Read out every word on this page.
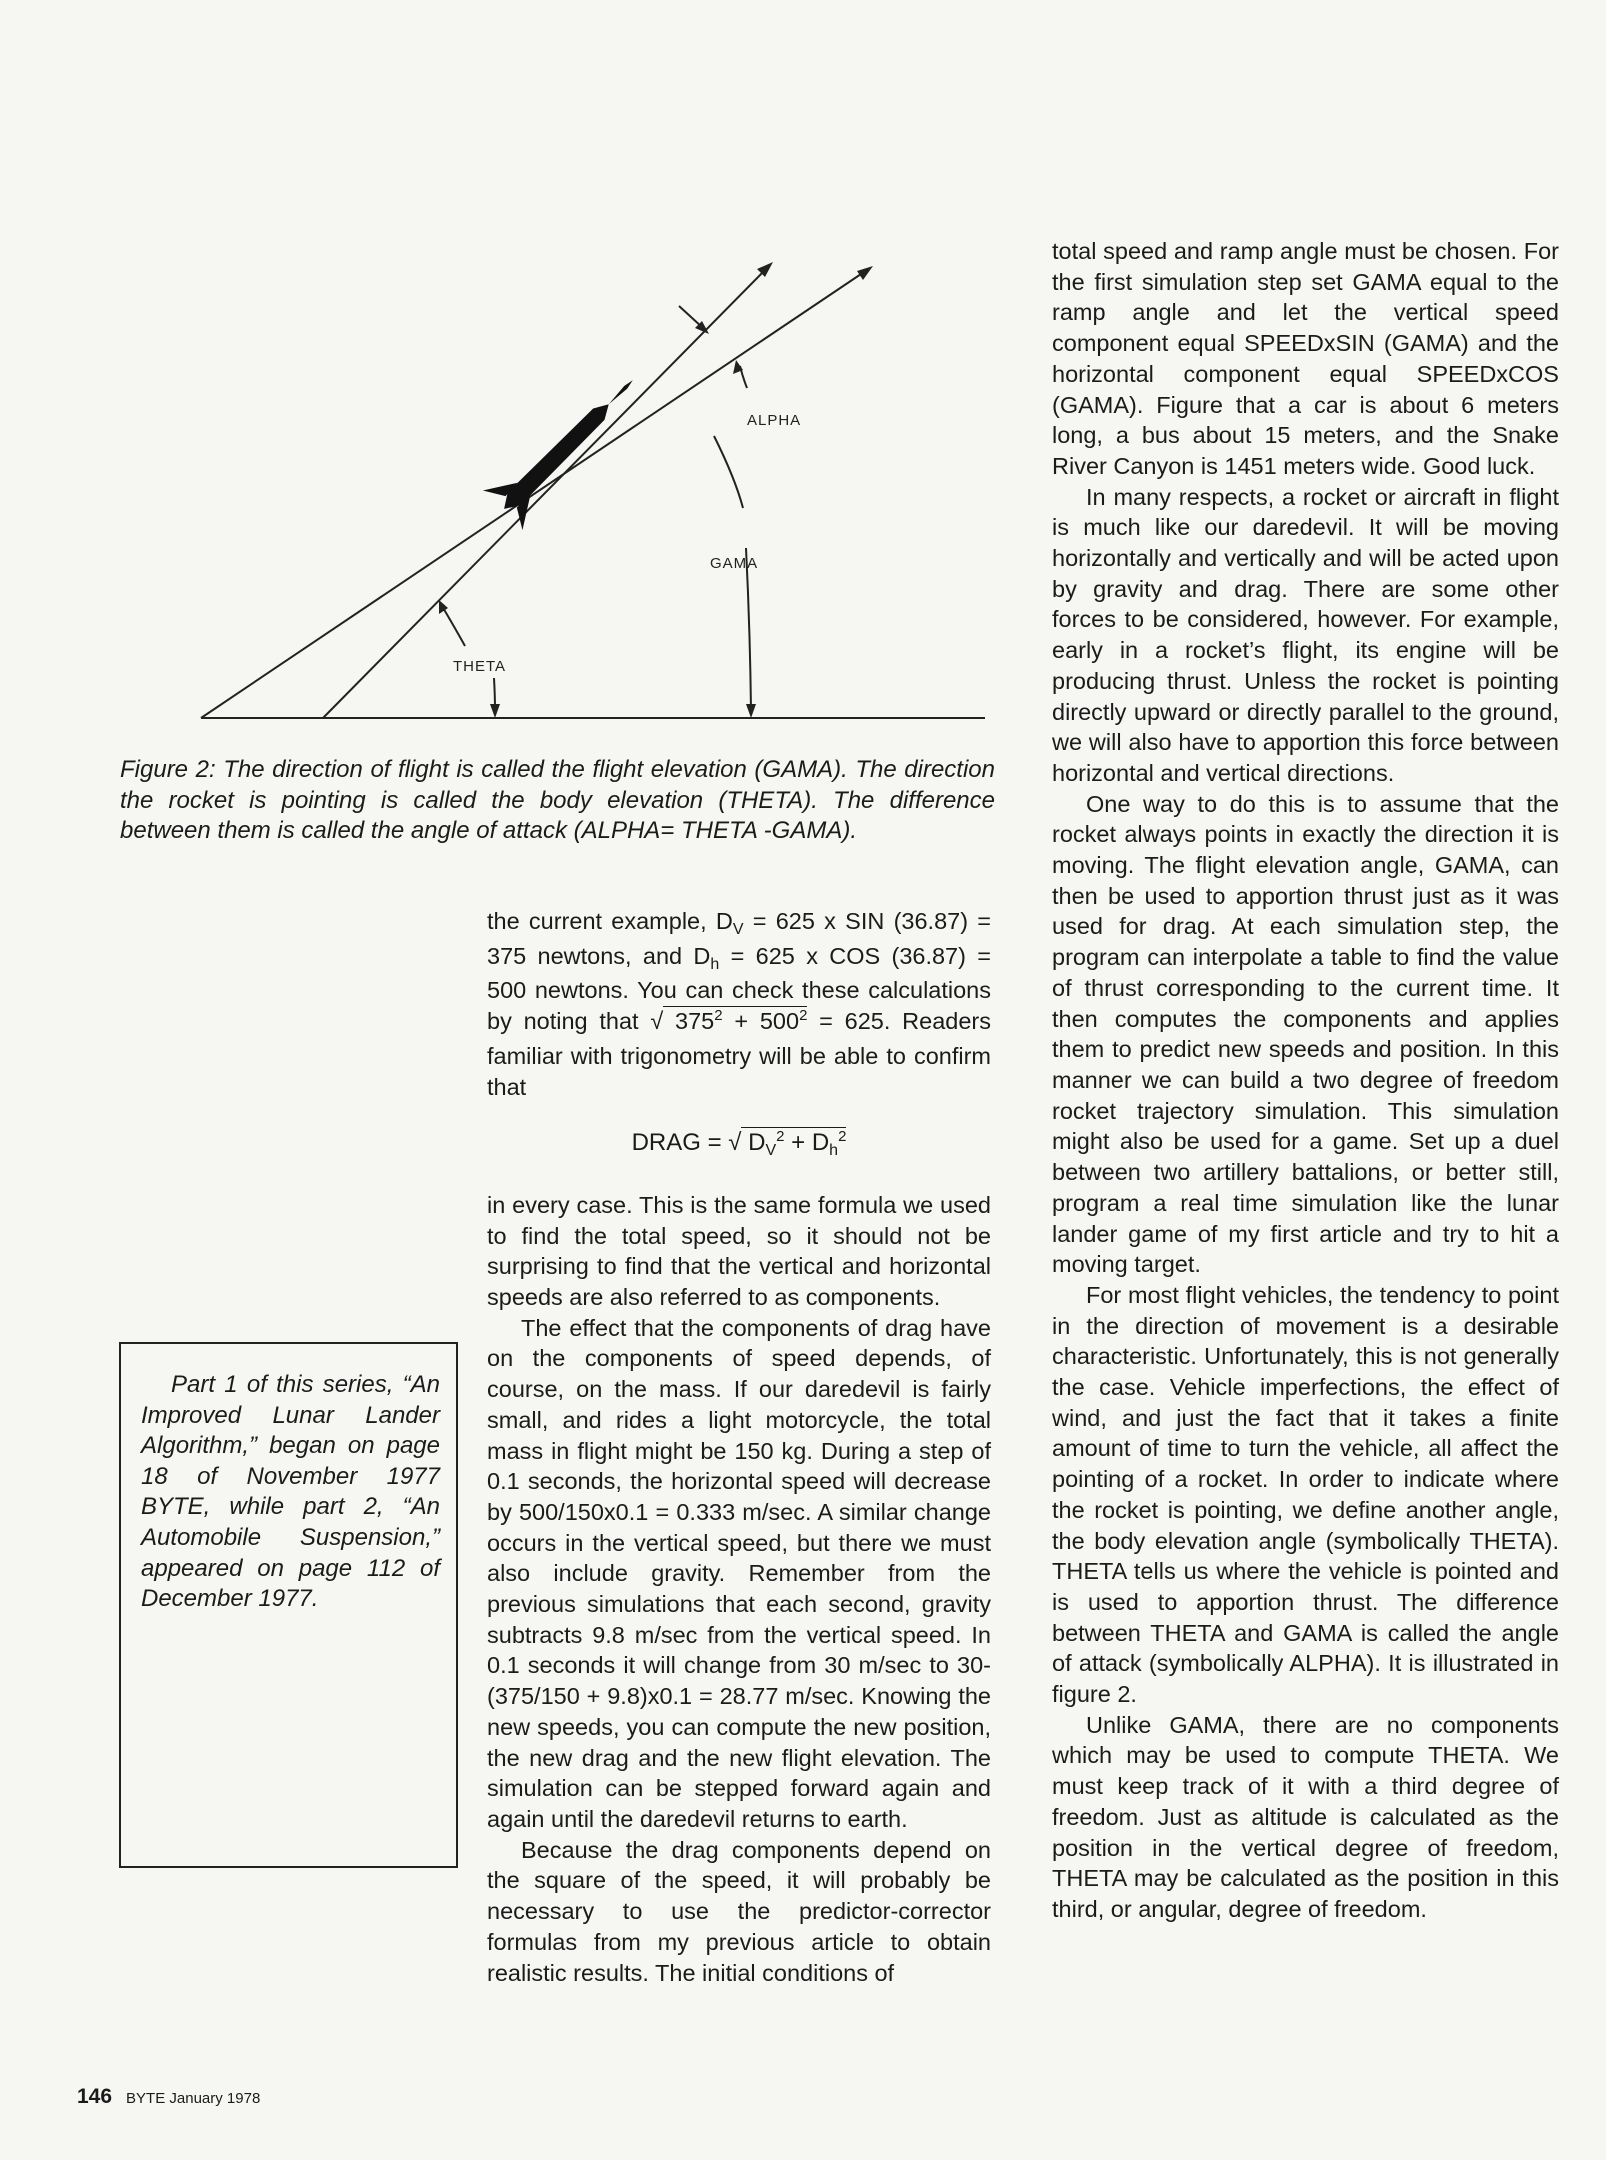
ALPHA
GAMA
THETA
Figure 2: The direction of flight is called the flight elevation (GAMA). The direction the rocket is pointing is called the body elevation (THETA). The difference between them is called the angle of attack (ALPHA= THETA -GAMA).

Part 1 of this series, “An Improved Lunar Lander Algorithm,” began on page 18 of November 1977 BYTE, while part 2, “An Automobile Suspension,” appeared on page 112 of December 1977.

the current example, $D_V = 625$ x SIN (36.87) = 375 newtons, and $D_h = 625$ x COS (36.87) = 500 newtons. You can check these calculations by noting that √ $375^2 + 500^2 = 625$. Readers familiar with trigonometry will be able to confirm that

DRAG = √ $D_V^2 + D_h^2$

in every case. This is the same formula we used to find the total speed, so it should not be surprising to find that the vertical and horizontal speeds are also referred to as components.

The effect that the components of drag have on the components of speed depends, of course, on the mass. If our daredevil is fairly small, and rides a light motorcycle, the total mass in flight might be 150 kg. During a step of 0.1 seconds, the horizontal speed will decrease by 500/150x0.1 = 0.333 m/sec. A similar change occurs in the vertical speed, but there we must also include gravity. Remember from the previous simulations that each second, gravity subtracts 9.8 m/sec from the vertical speed. In 0.1 seconds it will change from 30 m/sec to 30-(375/150 + 9.8)x0.1 = 28.77 m/sec. Knowing the new speeds, you can compute the new position, the new drag and the new flight elevation. The simulation can be stepped forward again and again until the daredevil returns to earth.

Because the drag components depend on the square of the speed, it will probably be necessary to use the predictor-corrector formulas from my previous article to obtain realistic results. The initial conditions of

total speed and ramp angle must be chosen. For the first simulation step set GAMA equal to the ramp angle and let the vertical speed component equal SPEEDxSIN (GAMA) and the horizontal component equal SPEEDxCOS (GAMA). Figure that a car is about 6 meters long, a bus about 15 meters, and the Snake River Canyon is 1451 meters wide. Good luck.

In many respects, a rocket or aircraft in flight is much like our daredevil. It will be moving horizontally and vertically and will be acted upon by gravity and drag. There are some other forces to be considered, however. For example, early in a rocket’s flight, its engine will be producing thrust. Unless the rocket is pointing directly upward or directly parallel to the ground, we will also have to apportion this force between horizontal and vertical directions.

One way to do this is to assume that the rocket always points in exactly the direction it is moving. The flight elevation angle, GAMA, can then be used to apportion thrust just as it was used for drag. At each simulation step, the program can interpolate a table to find the value of thrust corresponding to the current time. It then computes the components and applies them to predict new speeds and position. In this manner we can build a two degree of freedom rocket trajectory simulation. This simulation might also be used for a game. Set up a duel between two artillery battalions, or better still, program a real time simulation like the lunar lander game of my first article and try to hit a moving target.

For most flight vehicles, the tendency to point in the direction of movement is a desirable characteristic. Unfortunately, this is not generally the case. Vehicle imperfections, the effect of wind, and just the fact that it takes a finite amount of time to turn the vehicle, all affect the pointing of a rocket. In order to indicate where the rocket is pointing, we define another angle, the body elevation angle (symbolically THETA). THETA tells us where the vehicle is pointed and is used to apportion thrust. The difference between THETA and GAMA is called the angle of attack (symbolically ALPHA). It is illustrated in figure 2.

Unlike GAMA, there are no components which may be used to compute THETA. We must keep track of it with a third degree of freedom. Just as altitude is calculated as the position in the vertical degree of freedom, THETA may be calculated as the position in this third, or angular, degree of freedom.

146 BYTE January 1978
